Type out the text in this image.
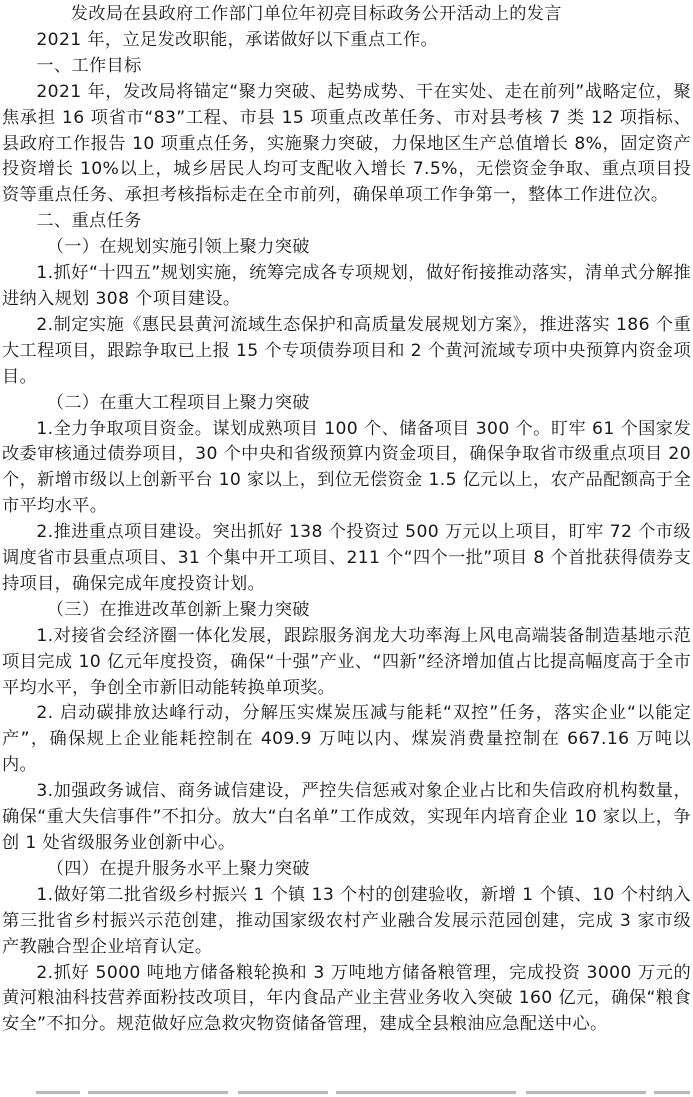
发改局在县政府工作部门单位年初亮目标政务公开活动上的发言

2021 年，立足发改职能，承诺做好以下重点工作。

一、工作目标

2021 年，发改局将锚定“聚力突破、起势成势、干在实处、走在前列”战略定位，聚焦承担 16 项省市“83”工程、市县 15 项重点改革任务、市对县考核 7 类 12 项指标、县政府工作报告 10 项重点任务，实施聚力突破，力保地区生产总值增长 8%，固定资产投资增长 10%以上，城乡居民人均可支配收入增长 7.5%，无偿资金争取、重点项目投资等重点任务、承担考核指标走在全市前列，确保单项工作争第一，整体工作进位次。

二、重点任务

（一）在规划实施引领上聚力突破

1.抓好“十四五”规划实施，统筹完成各专项规划，做好衔接推动落实，清单式分解推进纳入规划 308 个项目建设。

2.制定实施《惠民县黄河流域生态保护和高质量发展规划方案》，推进落实 186 个重大工程项目，跟踪争取已上报 15 个专项债券项目和 2 个黄河流域专项中央预算内资金项目。

（二）在重大工程项目上聚力突破

1.全力争取项目资金。谋划成熟项目 100 个、储备项目 300 个。盯牢 61 个国家发改委审核通过债券项目，30 个中央和省级预算内资金项目，确保争取省市级重点项目 20 个，新增市级以上创新平台 10 家以上，到位无偿资金 1.5 亿元以上，农产品配额高于全市平均水平。

2.推进重点项目建设。突出抓好 138 个投资过 500 万元以上项目，盯牢 72 个市级调度省市县重点项目、31 个集中开工项目、211 个“四个一批”项目 8 个首批获得债券支持项目，确保完成年度投资计划。

（三）在推进改革创新上聚力突破

1.对接省会经济圈一体化发展，跟踪服务润龙大功率海上风电高端装备制造基地示范项目完成 10 亿元年度投资，确保“十强”产业、“四新”经济增加值占比提高幅度高于全市平均水平，争创全市新旧动能转换单项奖。

2. 启动碳排放达峰行动，分解压实煤炭压减与能耗“双控”任务，落实企业“以能定产”，确保规上企业能耗控制在 409.9 万吨以内、煤炭消费量控制在 667.16 万吨以内。

3.加强政务诚信、商务诚信建设，严控失信惩戒对象企业占比和失信政府机构数量，确保“重大失信事件”不扣分。放大“白名单”工作成效，实现年内培育企业 10 家以上，争创 1 处省级服务业创新中心。

（四）在提升服务水平上聚力突破

1.做好第二批省级乡村振兴 1 个镇 13 个村的创建验收，新增 1 个镇、10 个村纳入第三批省乡村振兴示范创建，推动国家级农村产业融合发展示范园创建，完成 3 家市级产教融合型企业培育认定。

2.抓好 5000 吨地方储备粮轮换和 3 万吨地方储备粮管理，完成投资 3000 万元的黄河粮油科技营养面粉技改项目，年内食品产业主营业务收入突破 160 亿元，确保“粮食安全”不扣分。规范做好应急救灾物资储备管理，建成全县粮油应急配送中心。
